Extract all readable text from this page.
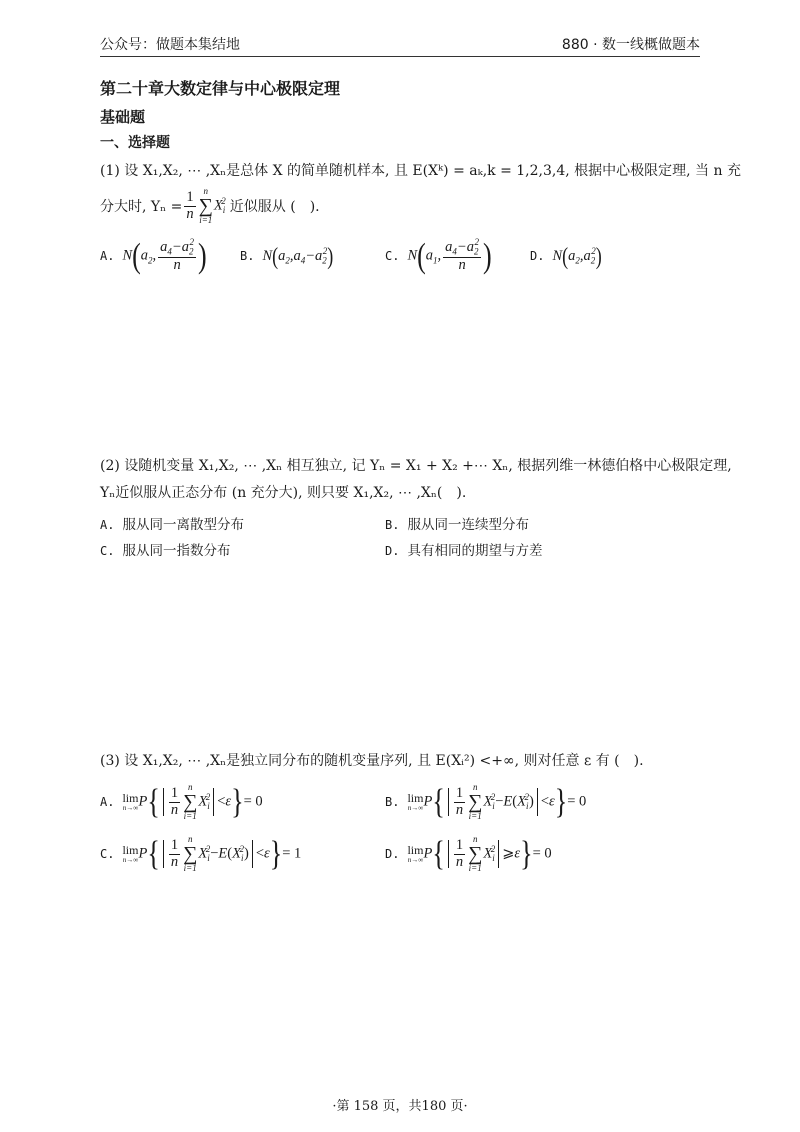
公众号：做题本集结地	880 · 数一线概做题本
第二十章大数定律与中心极限定理
基础题
一、选择题
(1) 设 X₁,X₂, ⋯ ,Xₙ是总体 X 的简单随机样本, 且 E(Xᵏ) = aₖ,k = 1,2,3,4, 根据中心极限定理, 当 n 充
分大时, $Y_n = \frac{1}{n}$ n
∑
i=1
$X_i^2$ 近似服从 (　).
A. $N(a_2$, $\frac{a_4-a_2^2}{n}$ )	B. $N(a_2,a_4-a_2^2)$	C. $N(a_1$, $\frac{a_4-a_2^2}{n}$ )	D. $N(a_2,a_2^2)$
(2) 设随机变量 X₁,X₂, ⋯ ,Xₙ 相互独立, 记 Yₙ = X₁ + X₂ +⋯ Xₙ, 根据列维一林德伯格中心极限定理,
Yₙ近似服从正态分布 (n 充分大), 则只要 X₁,X₂, ⋯ ,Xₙ(　).
A. 服从同一离散型分布	B. 服从同一连续型分布
C. 服从同一指数分布	D. 具有相同的期望与方差
(3) 设 X₁,X₂, ⋯ ,Xₙ是独立同分布的随机变量序列, 且 E(Xᵢ²) <+∞, 则对任意 ε 有 (　).
A. lim
n→∞ $P\{ \frac{1}{n}$ n
∑
i=1
$X_i^2 <\varepsilon\}= 0$	B. lim
n→∞ $P\{ \frac{1}{n}$ n
∑
i=1
$X_i^2-E(X_i^2) <\varepsilon\}= 0$
C. lim
n→∞ $P\{ \frac{1}{n}$ n
∑
i=1
$X_i^2-E(X_i^2) <\varepsilon\}= 1$	D. lim
n→∞ $P\{ \frac{1}{n}$ n
∑
i=1
$X_i^2$ ⩾ε}= 0
·第 158 页，共180 页·
